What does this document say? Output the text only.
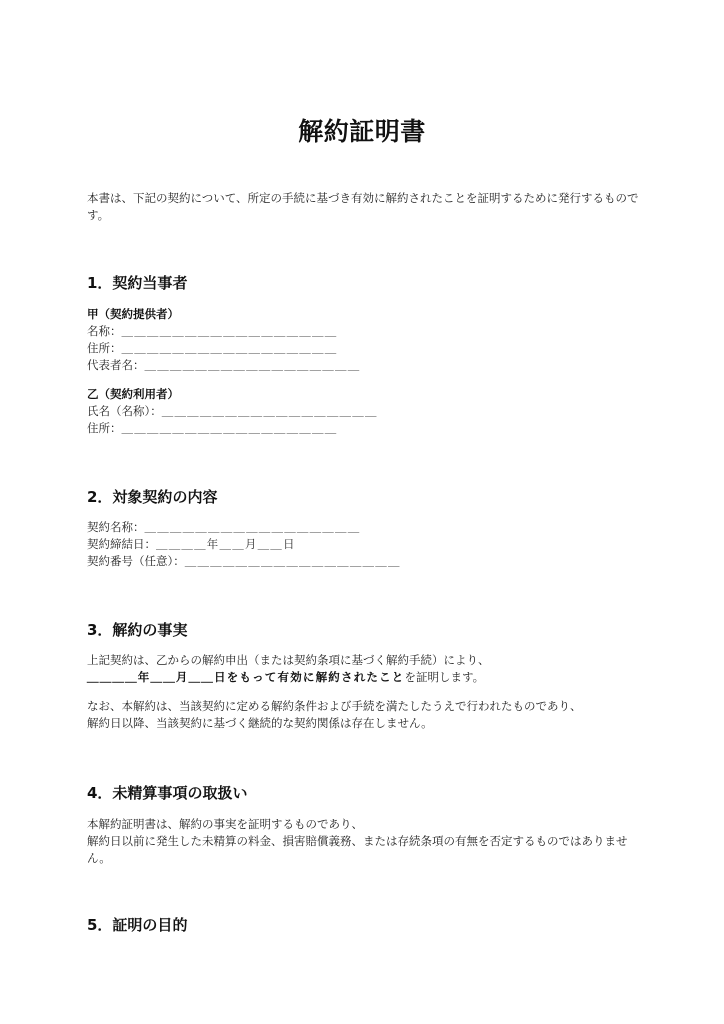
解約証明書

本書は、下記の契約について、所定の手続に基づき有効に解約されたことを証明するために発行するものです。

1．契約当事者
甲（契約提供者）
名称：＿＿＿＿＿＿＿＿＿＿＿＿＿＿＿＿＿
住所：＿＿＿＿＿＿＿＿＿＿＿＿＿＿＿＿＿
代表者名：＿＿＿＿＿＿＿＿＿＿＿＿＿＿＿＿＿
乙（契約利用者）
氏名（名称）：＿＿＿＿＿＿＿＿＿＿＿＿＿＿＿＿＿
住所：＿＿＿＿＿＿＿＿＿＿＿＿＿＿＿＿＿
2．対象契約の内容
契約名称：＿＿＿＿＿＿＿＿＿＿＿＿＿＿＿＿＿
契約締結日：＿＿＿＿年＿＿月＿＿日
契約番号（任意）：＿＿＿＿＿＿＿＿＿＿＿＿＿＿＿＿＿
3．解約の事実
上記契約は、乙からの解約申出（または契約条項に基づく解約手続）により、
＿＿＿＿年＿＿月＿＿日をもって有効に解約されたことを証明します。
なお、本解約は、当該契約に定める解約条件および手続を満たしたうえで行われたものであり、
解約日以降、当該契約に基づく継続的な契約関係は存在しません。
4．未精算事項の取扱い
本解約証明書は、解約の事実を証明するものであり、
解約日以前に発生した未精算の料金、損害賠償義務、または存続条項の有無を否定するものではありません。
5．証明の目的
